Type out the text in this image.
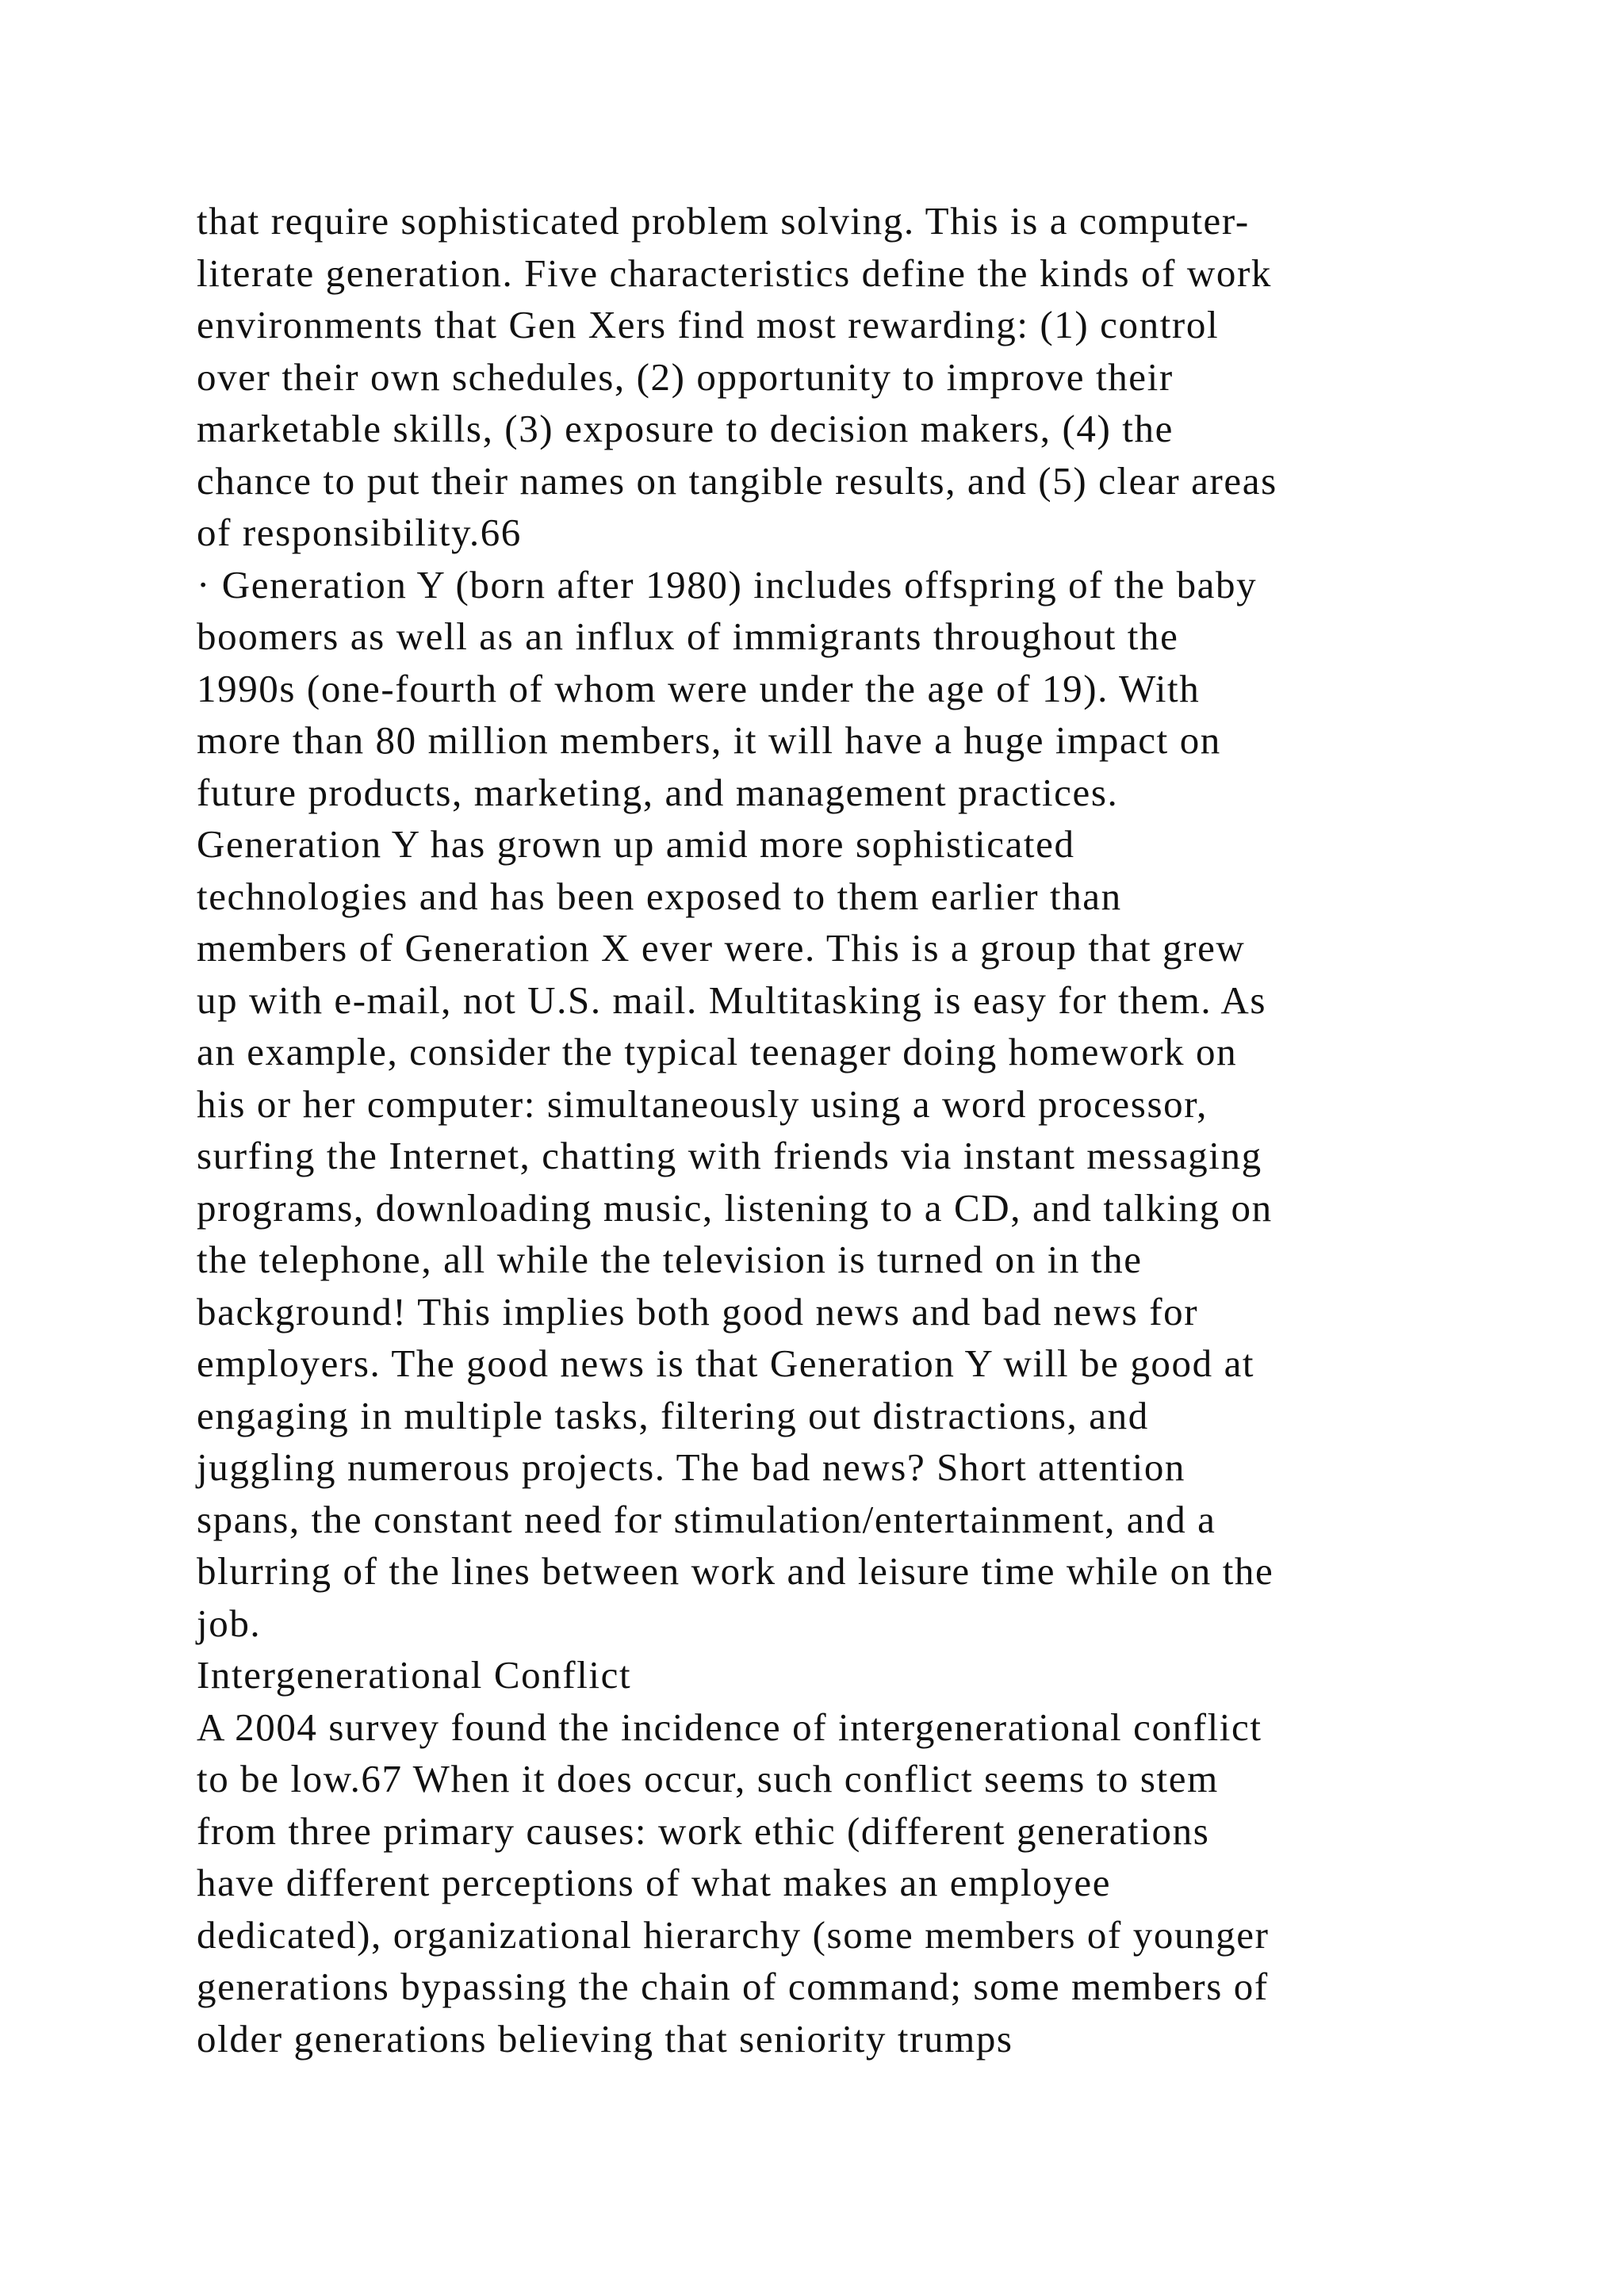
that require sophisticated problem solving. This is a computer-
literate generation. Five characteristics define the kinds of work
environments that Gen Xers find most rewarding: (1) control
over their own schedules, (2) opportunity to improve their
marketable skills, (3) exposure to decision makers, (4) the
chance to put their names on tangible results, and (5) clear areas
of responsibility.66
· Generation Y (born after 1980) includes offspring of the baby
boomers as well as an influx of immigrants throughout the
1990s (one-fourth of whom were under the age of 19). With
more than 80 million members, it will have a huge impact on
future products, marketing, and management practices.
Generation Y has grown up amid more sophisticated
technologies and has been exposed to them earlier than
members of Generation X ever were. This is a group that grew
up with e-mail, not U.S. mail. Multitasking is easy for them. As
an example, consider the typical teenager doing homework on
his or her computer: simultaneously using a word processor,
surfing the Internet, chatting with friends via instant messaging
programs, downloading music, listening to a CD, and talking on
the telephone, all while the television is turned on in the
background! This implies both good news and bad news for
employers. The good news is that Generation Y will be good at
engaging in multiple tasks, filtering out distractions, and
juggling numerous projects. The bad news? Short attention
spans, the constant need for stimulation/entertainment, and a
blurring of the lines between work and leisure time while on the
job.
Intergenerational Conflict
A 2004 survey found the incidence of intergenerational conflict
to be low.67 When it does occur, such conflict seems to stem
from three primary causes: work ethic (different generations
have different perceptions of what makes an employee
dedicated), organizational hierarchy (some members of younger
generations bypassing the chain of command; some members of
older generations believing that seniority trumps
